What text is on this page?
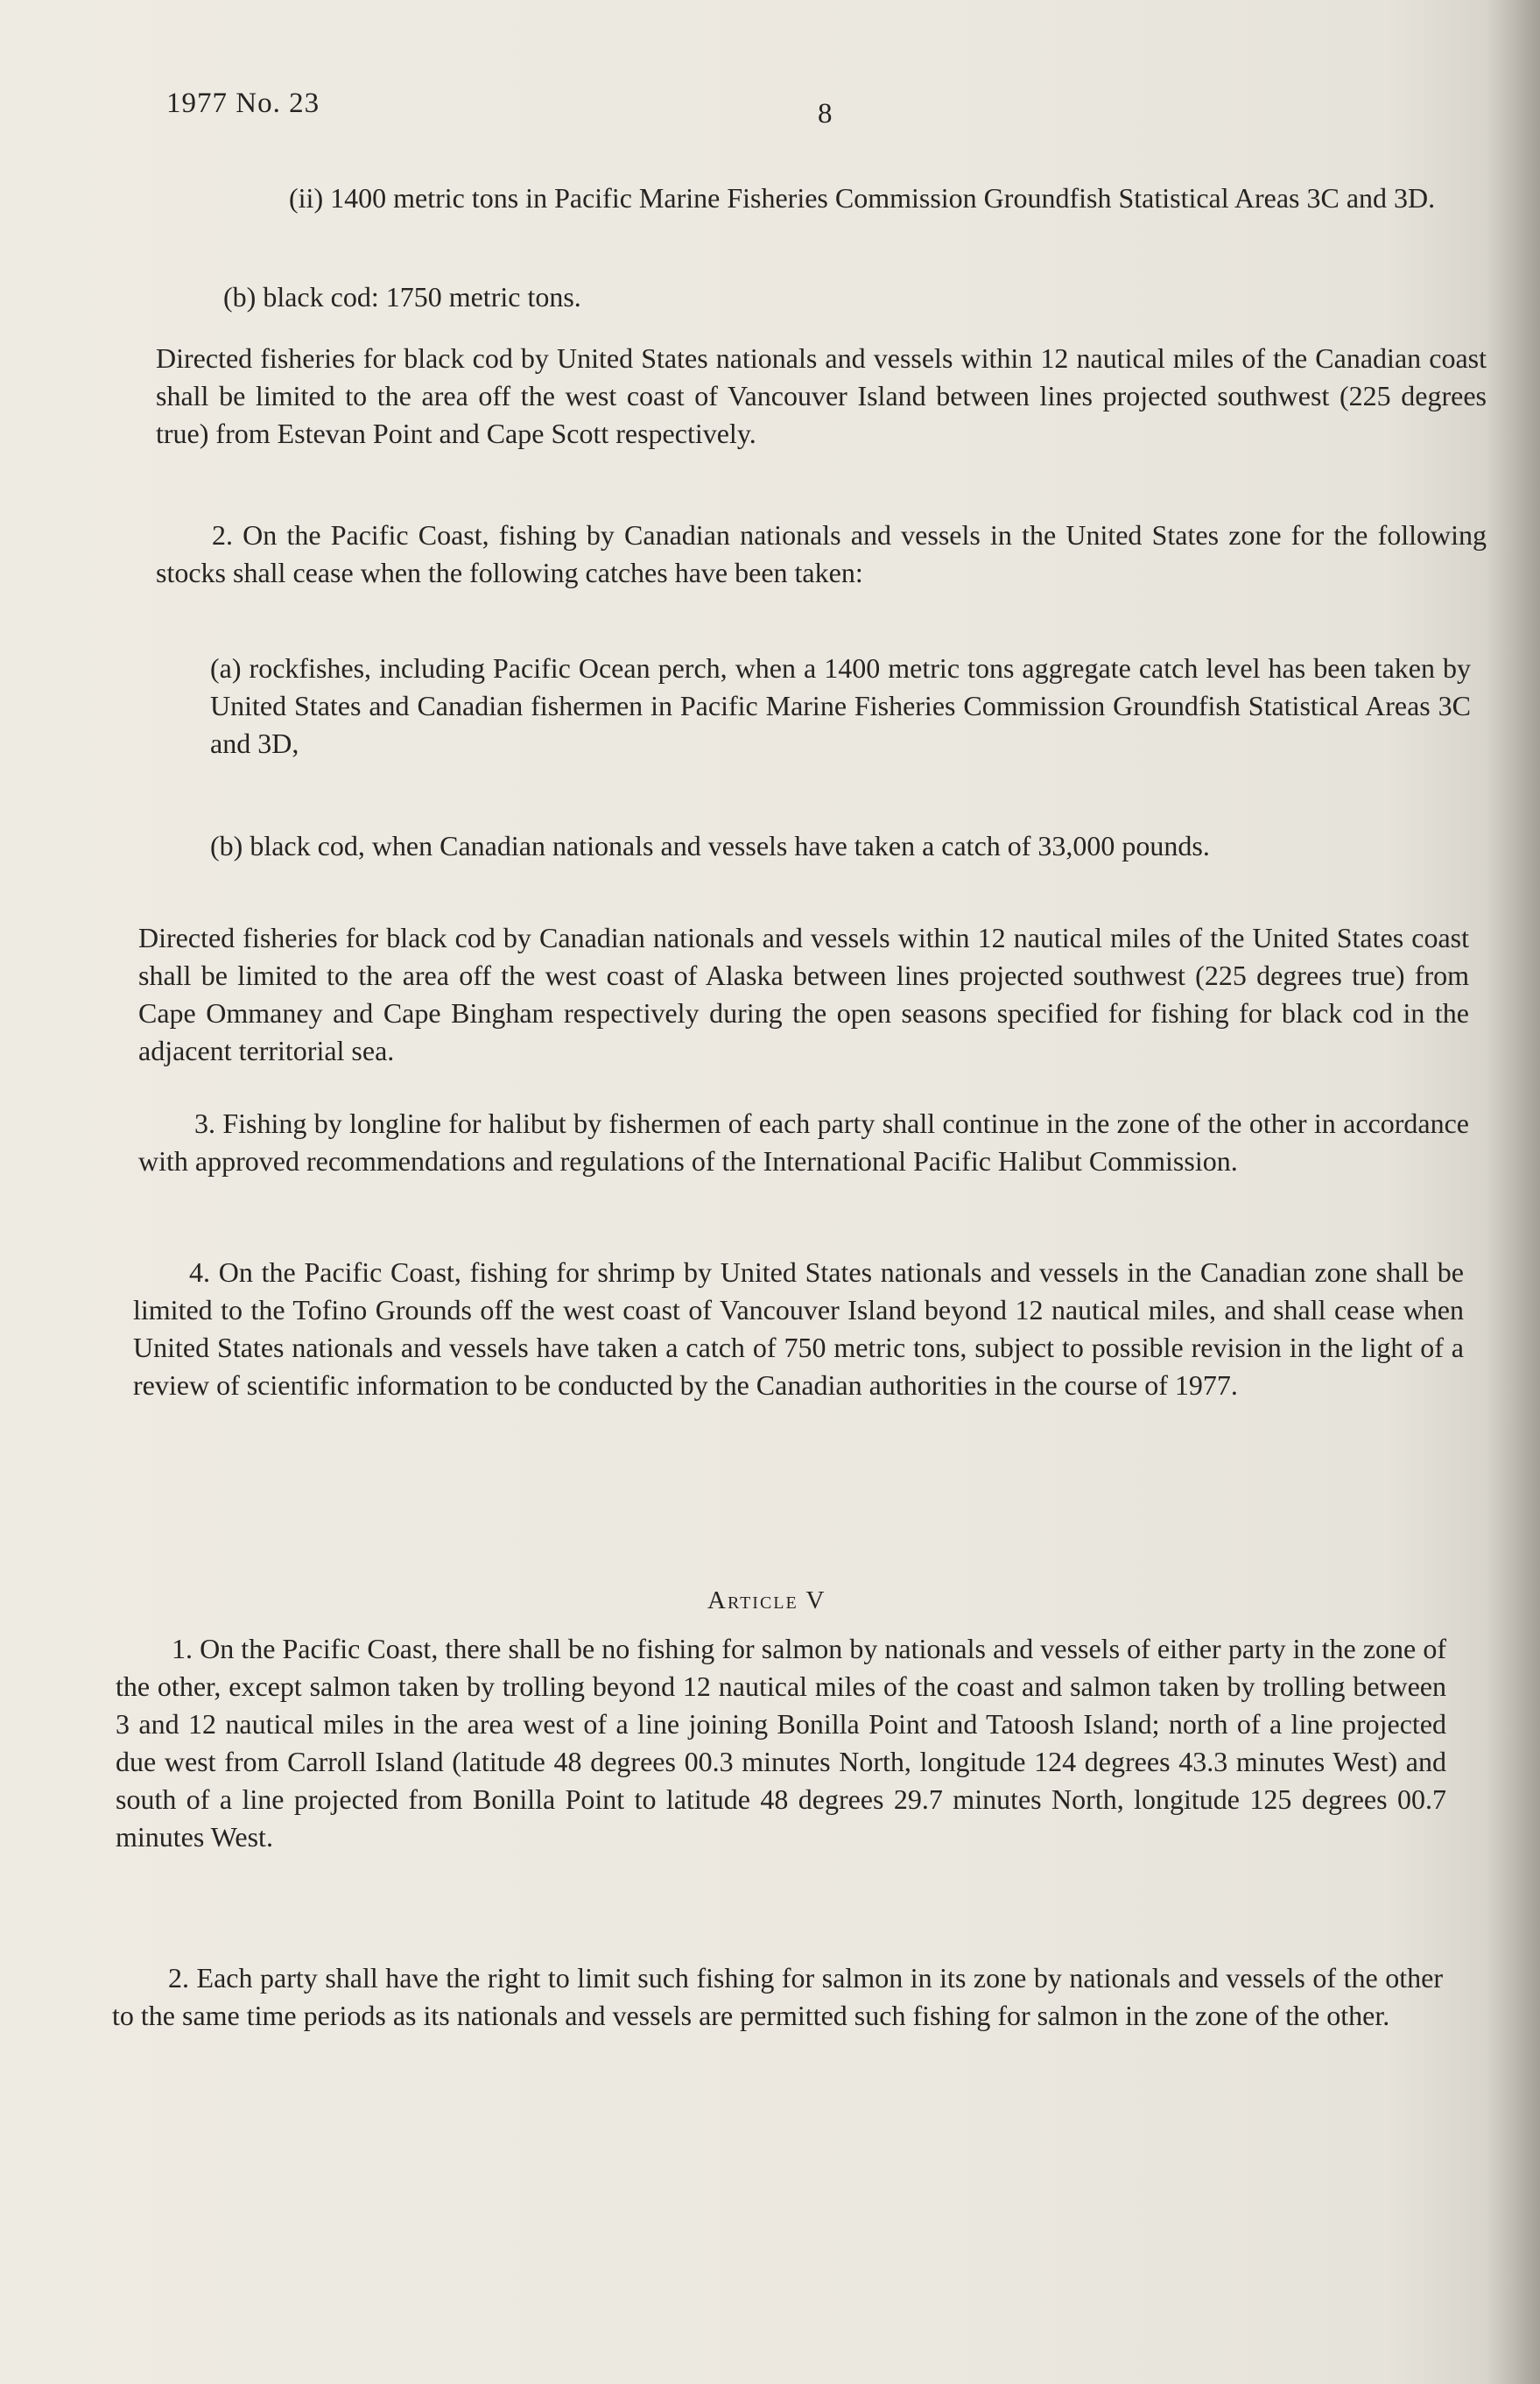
1977 No. 23	8

(ii) 1400 metric tons in Pacific Marine Fisheries Commission Groundfish Statistical Areas 3C and 3D.

(b) black cod: 1750 metric tons.

Directed fisheries for black cod by United States nationals and vessels within 12 nautical miles of the Canadian coast shall be limited to the area off the west coast of Vancouver Island between lines projected southwest (225 degrees true) from Estevan Point and Cape Scott respectively.

2. On the Pacific Coast, fishing by Canadian nationals and vessels in the United States zone for the following stocks shall cease when the following catches have been taken:

(a) rockfishes, including Pacific Ocean perch, when a 1400 metric tons aggregate catch level has been taken by United States and Canadian fishermen in Pacific Marine Fisheries Commission Groundfish Statistical Areas 3C and 3D,

(b) black cod, when Canadian nationals and vessels have taken a catch of 33,000 pounds.

Directed fisheries for black cod by Canadian nationals and vessels within 12 nautical miles of the United States coast shall be limited to the area off the west coast of Alaska between lines projected southwest (225 degrees true) from Cape Ommaney and Cape Bingham respectively during the open seasons specified for fishing for black cod in the adjacent territorial sea.

3. Fishing by longline for halibut by fishermen of each party shall continue in the zone of the other in accordance with approved recommendations and regulations of the International Pacific Halibut Commission.

4. On the Pacific Coast, fishing for shrimp by United States nationals and vessels in the Canadian zone shall be limited to the Tofino Grounds off the west coast of Vancouver Island beyond 12 nautical miles, and shall cease when United States nationals and vessels have taken a catch of 750 metric tons, subject to possible revision in the light of a review of scientific information to be conducted by the Canadian authorities in the course of 1977.

Article V

1. On the Pacific Coast, there shall be no fishing for salmon by nationals and vessels of either party in the zone of the other, except salmon taken by trolling beyond 12 nautical miles of the coast and salmon taken by trolling between 3 and 12 nautical miles in the area west of a line joining Bonilla Point and Tatoosh Island; north of a line projected due west from Carroll Island (latitude 48 degrees 00.3 minutes North, longitude 124 degrees 43.3 minutes West) and south of a line projected from Bonilla Point to latitude 48 degrees 29.7 minutes North, longitude 125 degrees 00.7 minutes West.

2. Each party shall have the right to limit such fishing for salmon in its zone by nationals and vessels of the other to the same time periods as its nationals and vessels are permitted such fishing for salmon in the zone of the other.
